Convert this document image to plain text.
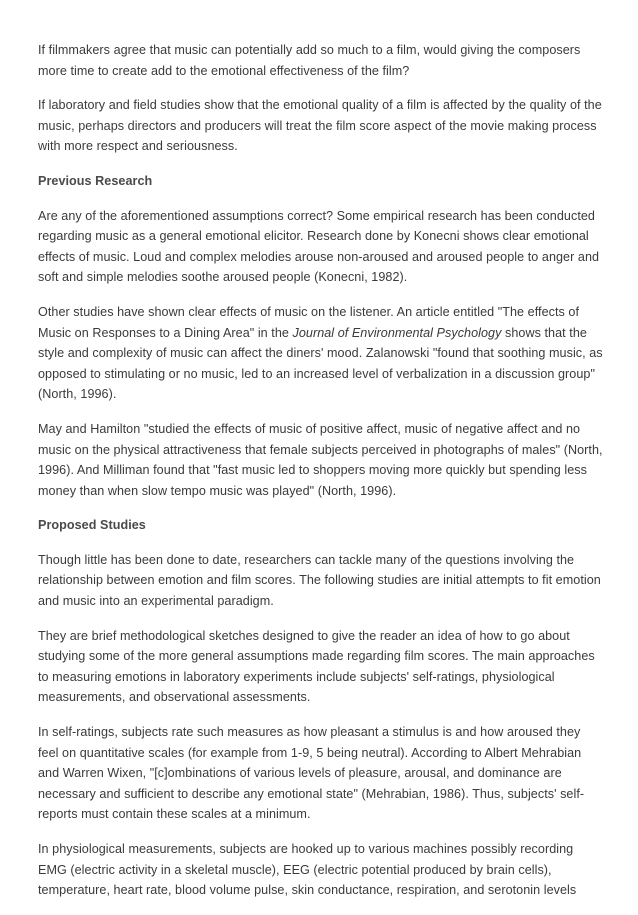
If filmmakers agree that music can potentially add so much to a film, would giving the composers more time to create add to the emotional effectiveness of the film?

If laboratory and field studies show that the emotional quality of a film is affected by the quality of the music, perhaps directors and producers will treat the film score aspect of the movie making process with more respect and seriousness.

Previous Research

Are any of the aforementioned assumptions correct? Some empirical research has been conducted regarding music as a general emotional elicitor. Research done by Konecni shows clear emotional effects of music. Loud and complex melodies arouse non-aroused and aroused people to anger and soft and simple melodies soothe aroused people (Konecni, 1982).

Other studies have shown clear effects of music on the listener. An article entitled "The effects of Music on Responses to a Dining Area" in the Journal of Environmental Psychology shows that the style and complexity of music can affect the diners' mood. Zalanowski "found that soothing music, as opposed to stimulating or no music, led to an increased level of verbalization in a discussion group" (North, 1996).

May and Hamilton "studied the effects of music of positive affect, music of negative affect and no music on the physical attractiveness that female subjects perceived in photographs of males" (North, 1996). And Milliman found that "fast music led to shoppers moving more quickly but spending less money than when slow tempo music was played" (North, 1996).

Proposed Studies

Though little has been done to date, researchers can tackle many of the questions involving the relationship between emotion and film scores. The following studies are initial attempts to fit emotion and music into an experimental paradigm.

They are brief methodological sketches designed to give the reader an idea of how to go about studying some of the more general assumptions made regarding film scores. The main approaches to measuring emotions in laboratory experiments include subjects' self-ratings, physiological measurements, and observational assessments.

In self-ratings, subjects rate such measures as how pleasant a stimulus is and how aroused they feel on quantitative scales (for example from 1-9, 5 being neutral). According to Albert Mehrabian and Warren Wixen, "[c]ombinations of various levels of pleasure, arousal, and dominance are necessary and sufficient to describe any emotional state" (Mehrabian, 1986). Thus, subjects' self-reports must contain these scales at a minimum.

In physiological measurements, subjects are hooked up to various machines possibly recording EMG (electric activity in a skeletal muscle), EEG (electric potential produced by brain cells), temperature, heart rate, blood volume pulse, skin conductance, respiration, and serotonin levels
